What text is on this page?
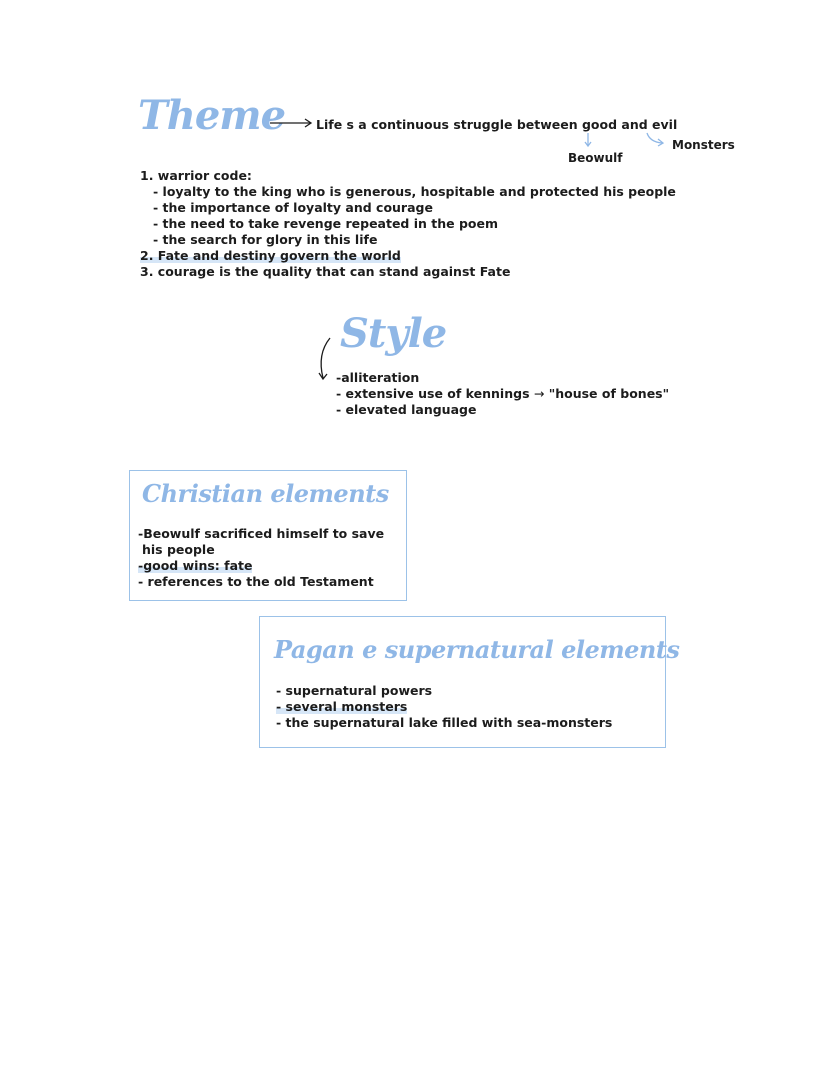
Theme Life s a continuous struggle between good and evil
Beowulf
Monsters
1. warrior code:
- loyalty to the king who is generous, hospitable and protected his people
- the importance of loyalty and courage
- the need to take revenge repeated in the poem
- the search for glory in this life
2. Fate and destiny govern the world
3. courage is the quality that can stand against Fate
Style
-alliteration
- extensive use of kennings → "house of bones"
- elevated language
Christian elements
-Beowulf sacrificed himself to save
his people
-good wins: fate
- references to the old Testament
Pagan e supernatural elements
- supernatural powers
- several monsters
- the supernatural lake filled with sea-monsters
